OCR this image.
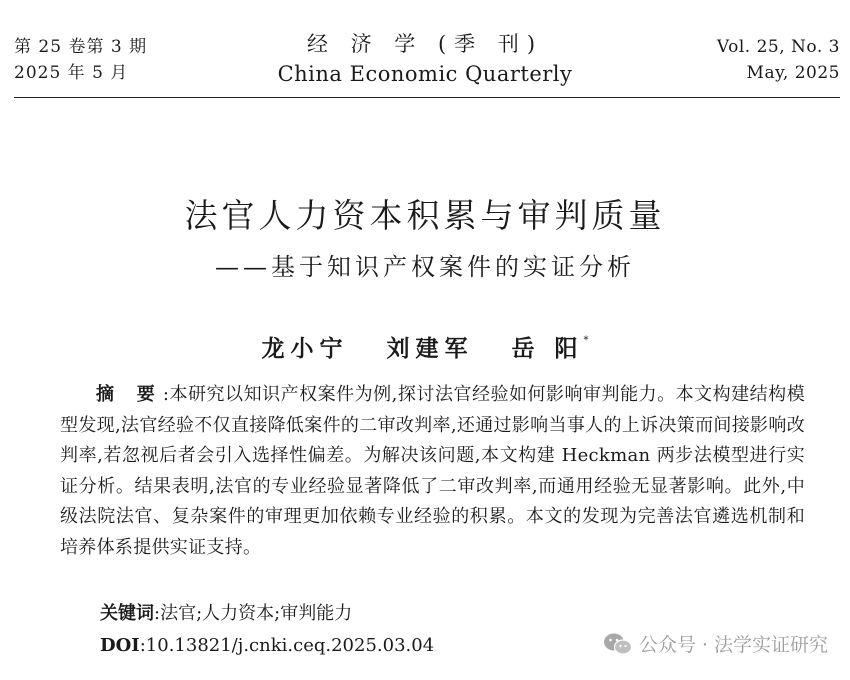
第 25 卷第 3 期
2025 年 5 月
经 济 学 (季 刊)
China Economic Quarterly
Vol. 25, No. 3
May, 2025
法官人力资本积累与审判质量
——基于知识产权案件的实证分析
龙小宁 刘建军 岳 阳*
摘 要:本研究以知识产权案件为例,探讨法官经验如何影响审判能力。本文构建结构模型发现,法官经验不仅直接降低案件的二审改判率,还通过影响当事人的上诉决策而间接影响改判率,若忽视后者会引入选择性偏差。为解决该问题,本文构建 Heckman 两步法模型进行实证分析。结果表明,法官的专业经验显著降低了二审改判率,而通用经验无显著影响。此外,中级法院法官、复杂案件的审理更加依赖专业经验的积累。本文的发现为完善法官遴选机制和培养体系提供实证支持。
关键词:法官;人力资本;审判能力
DOI:10.13821/j.cnki.ceq.2025.03.04	公众号 · 法学实证研究
